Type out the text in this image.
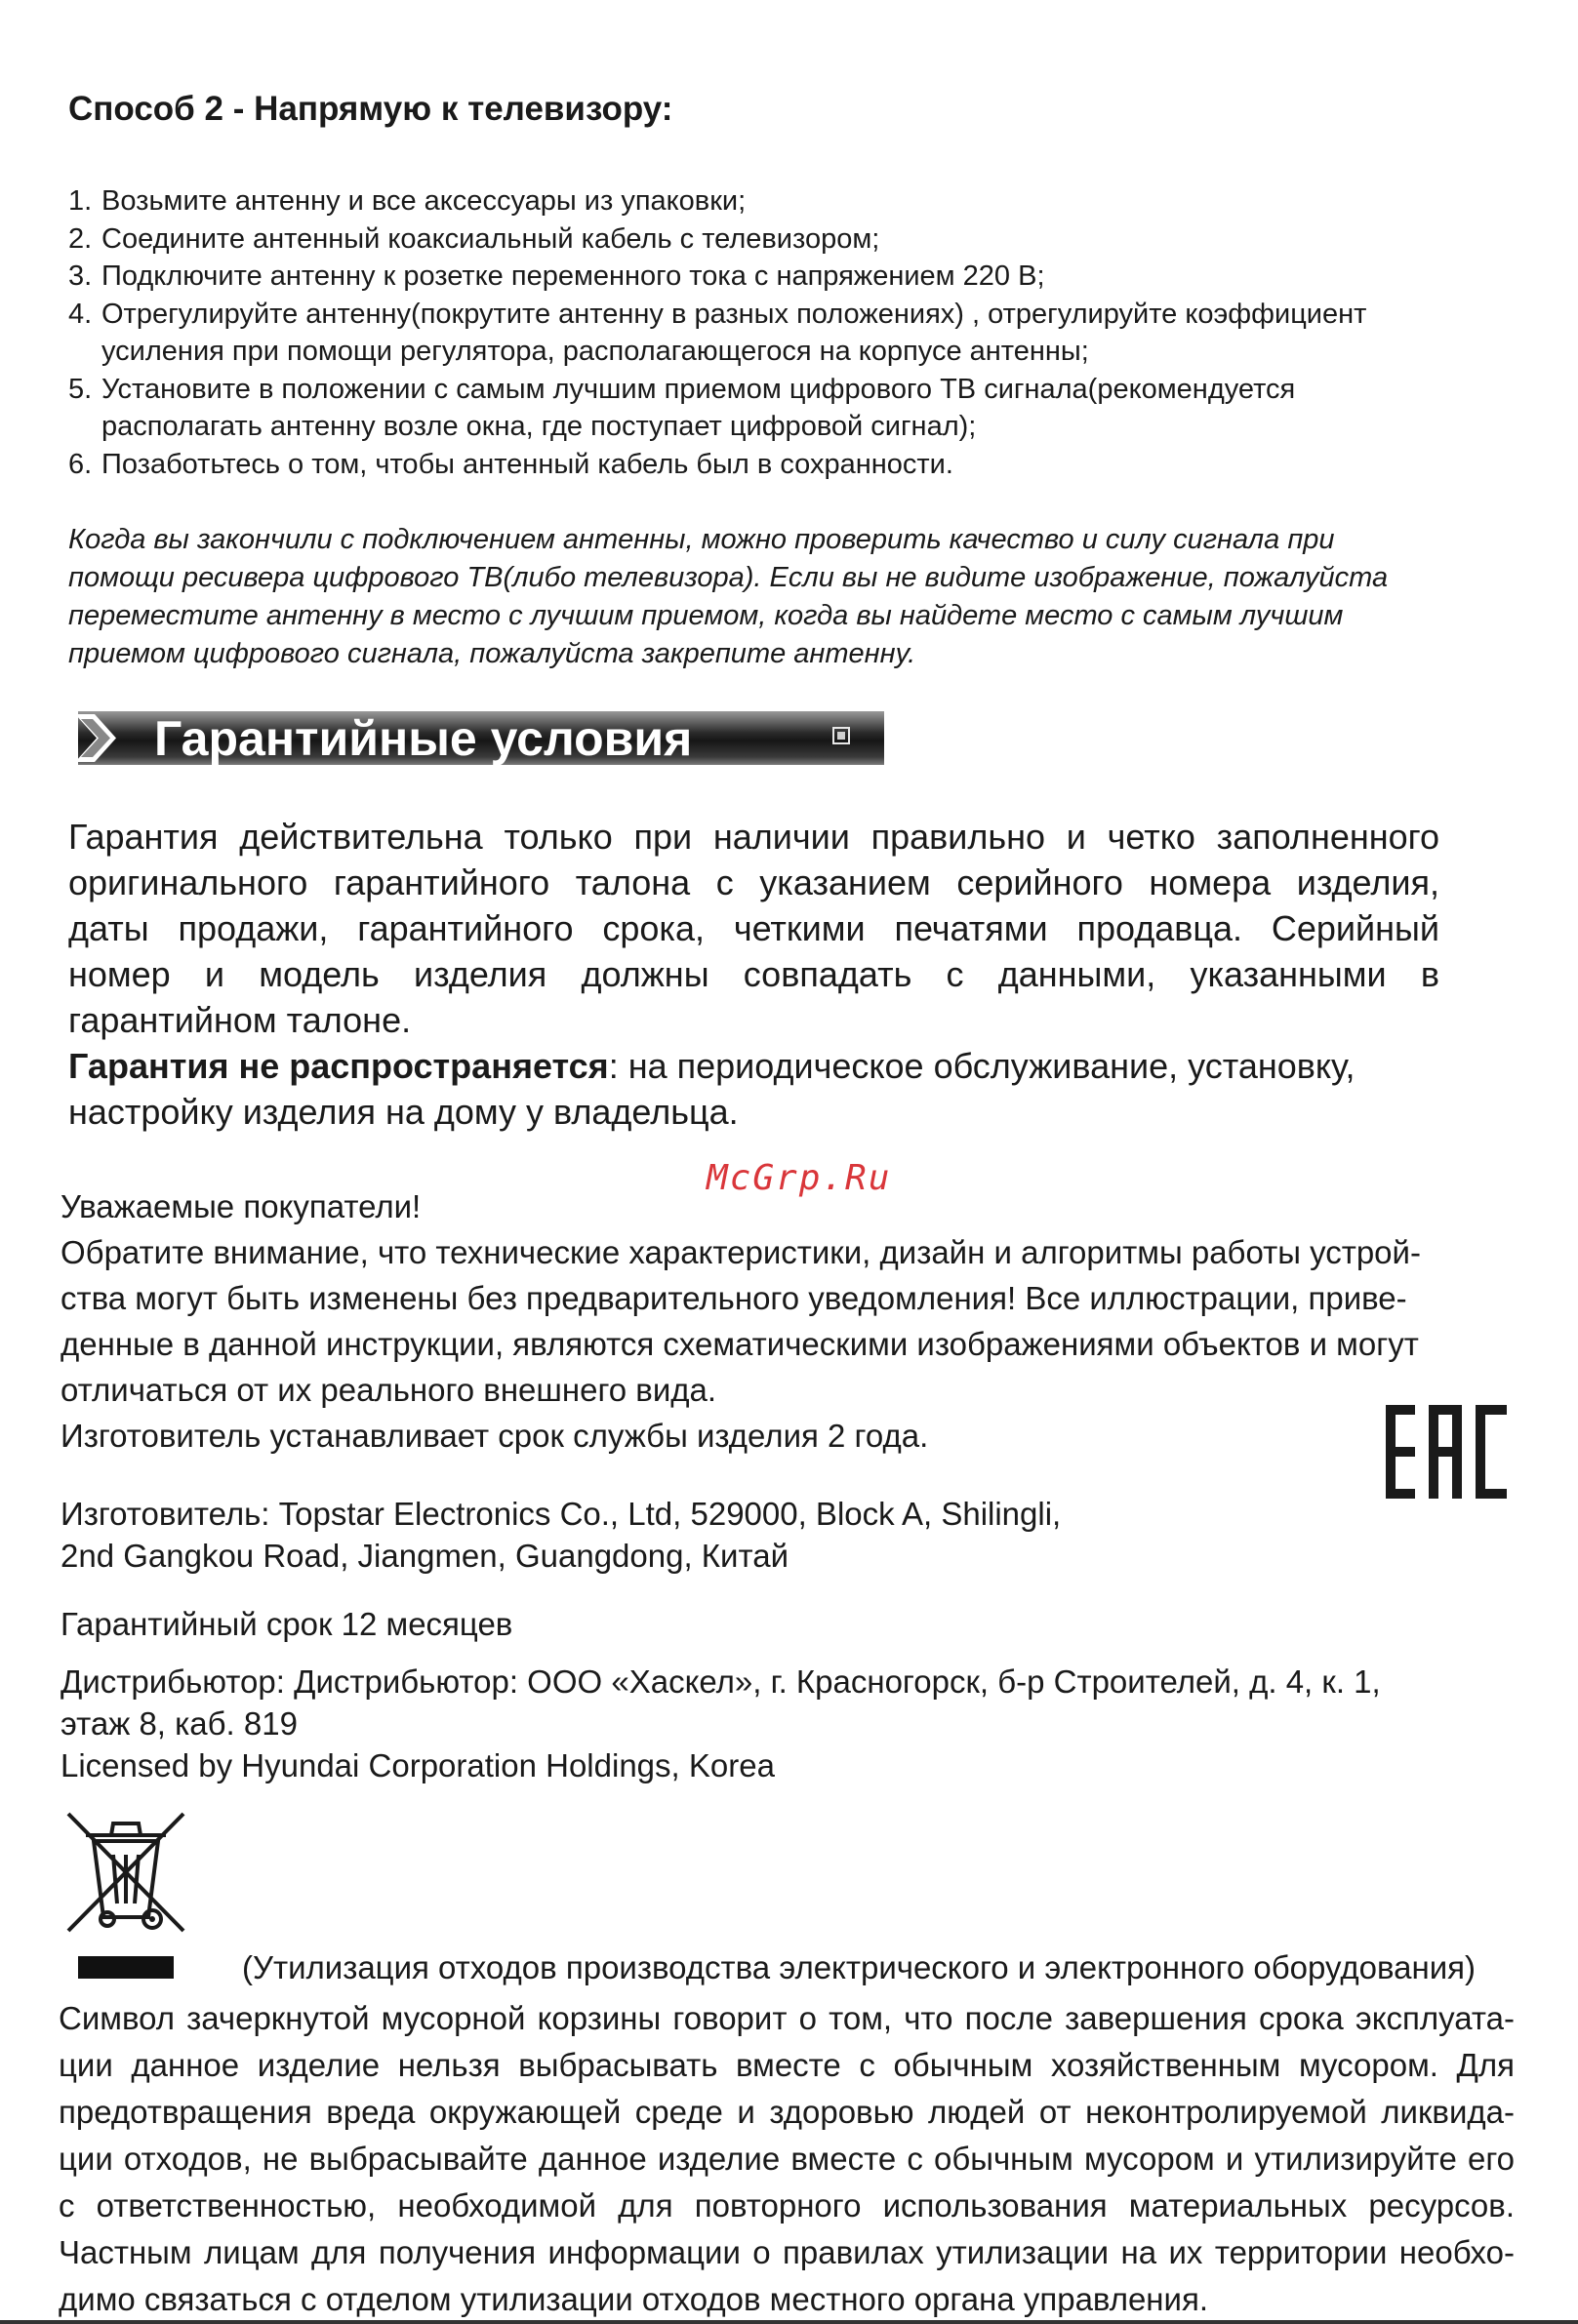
Способ 2 - Напрямую к телевизору:
1. Возьмите антенну и все аксессуары из упаковки;
2. Соедините антенный коаксиальный кабель с телевизором;
3. Подключите антенну к розетке переменного тока с напряжением 220 В;
4. Отрегулируйте антенну(покрутите антенну в разных положениях) , отрегулируйте коэффициент
усиления при помощи регулятора, располагающегося на корпусе антенны;
5. Установите в положении с самым лучшим приемом цифрового ТВ сигнала(рекомендуется
располагать антенну возле окна, где поступает цифровой сигнал);
6. Позаботьтесь о том, чтобы антенный кабель был в сохранности.
Когда вы закончили с подключением антенны, можно проверить качество и силу сигнала при
помощи ресивера цифрового ТВ(либо телевизора). Если вы не видите изображение, пожалуйста
переместите антенну в место с лучшим приемом, когда вы найдете место с самым лучшим
приемом цифрового сигнала, пожалуйста закрепите антенну.
Гарантийные условия
Гарантия действительна только при наличии правильно и четко заполненного
оригинального гарантийного талона с указанием серийного номера изделия,
даты продажи, гарантийного срока, четкими печатями продавца. Серийный
номер и модель изделия должны совпадать с данными, указанными в
гарантийном талоне.
Гарантия не распространяется: на периодическое обслуживание, установку,
настройку изделия на дому у владельца.
McGrp.Ru
Уважаемые покупатели!
Обратите внимание, что технические характеристики, дизайн и алгоритмы работы устрой-
ства могут быть изменены без предварительного уведомления! Все иллюстрации, приве-
денные в данной инструкции, являются схематическими изображениями объектов и могут
отличаться от их реального внешнего вида.
Изготовитель устанавливает срок службы изделия 2 года.
Изготовитель: Topstar Electronics Co., Ltd, 529000, Block A, Shilingli,
2nd Gangkou Road, Jiangmen, Guangdong, Китай
Гарантийный срок 12 месяцев
Дистрибьютор: Дистрибьютор: ООО «Хаскел», г. Красногорск, б-р Строителей, д. 4, к. 1,
этаж 8, каб. 819
Licensed by Hyundai Corporation Holdings, Korea
(Утилизация отходов производства электрического и электронного оборудования)
Символ зачеркнутой мусорной корзины говорит о том, что после завершения срока эксплуата-
ции данное изделие нельзя выбрасывать вместе с обычным хозяйственным мусором. Для
предотвращения вреда окружающей среде и здоровью людей от неконтролируемой ликвида-
ции отходов, не выбрасывайте данное изделие вместе с обычным мусором и утилизируйте его
с ответственностью, необходимой для повторного использования материальных ресурсов.
Частным лицам для получения информации о правилах утилизации на их территории необхо-
димо связаться с отделом утилизации отходов местного органа управления.
